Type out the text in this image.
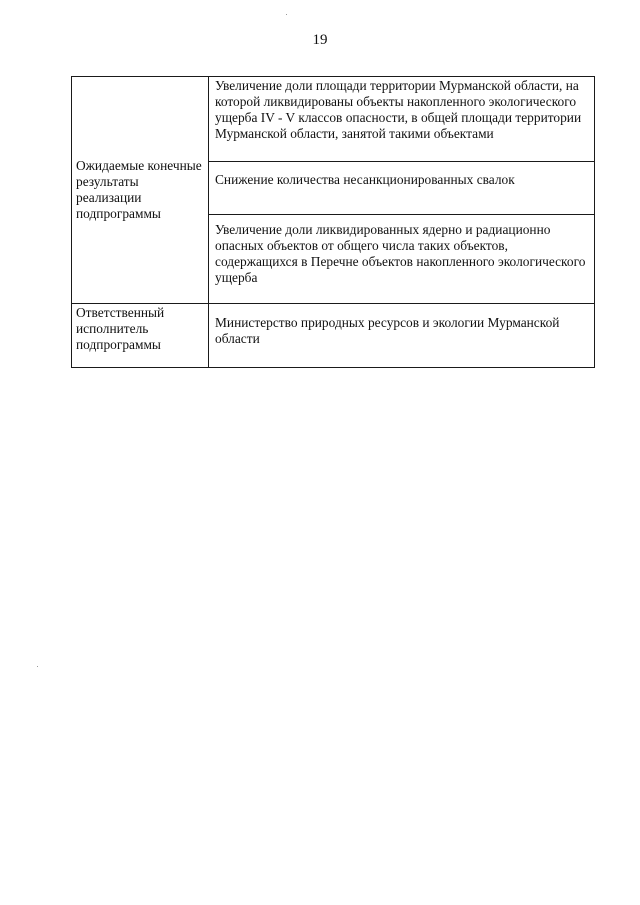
19
Ожидаемые конечные результаты реализации подпрограммы	Увеличение доли площади территории Мурманской области, на которой ликвидированы объекты накопленного экологического ущерба IV - V классов опасности, в общей площади территории Мурманской области, занятой такими объектами
	Снижение количества несанкционированных свалок
	Увеличение доли ликвидированных ядерно и радиационно опасных объектов от общего числа таких объектов, содержащихся в Перечне объектов накопленного экологического ущерба
Ответственный исполнитель подпрограммы	Министерство природных ресурсов и экологии Мурманской области
